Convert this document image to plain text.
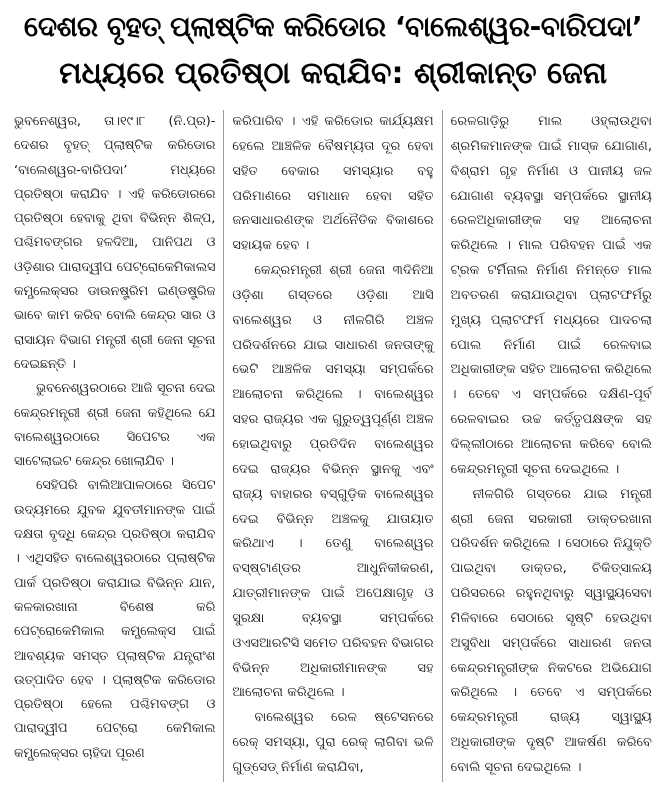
ଦେଶର ବୃହତ୍ ପ୍ଲାଷ୍ଟିକ କରିଡୋର ‘ବାଲେଶ୍ୱର-ବାରିପଦା’
ମଧ୍ୟରେ ପ୍ରତିଷ୍ଠା କରାଯିବ: ଶ୍ରୀକାନ୍ତ ଜେନା

ଭୁବନେଶ୍ୱର, ତା।୧୯।୮ (ନି.ପ୍ର)- ଦେଶର ବୃହତ୍ ପ୍ଲାଷ୍ଟିକ କରିଡୋର ‘ବାଲେଶ୍ୱର-ବାରିପଦା’ ମଧ୍ୟରେ ପ୍ରତିଷ୍ଠା କରାଯିବ । ଏହି କରିଡୋରରେ ପ୍ରତିଷ୍ଠା ହେବାକୁ ଥିବା ବିଭିନ୍ନ ଶିଳ୍ପ, ପଶ୍ଚିମବଙ୍ଗର ହଳଦିଆ, ପାନିପଥ ଓ ଓଡ଼ିଶାର ପାରାଦ୍ୱୀପ ପେଟ୍ରୋକେମିକାଲସ କମ୍ପ୍ଲେକ୍ସର ଡାଉନଷ୍ଟ୍ରିମ ଇଣ୍ଡଷ୍ଟ୍ରିଜ ଭାବେ କାମ କରିବ ବୋଲି କେନ୍ଦ୍ର ସାର ଓ ରାସାୟନ ବିଭାଗ ମନ୍ତ୍ରୀ ଶ୍ରୀ ଜେନା ସୂଚନା ଦେଇଛନ୍ତି ।

ଭୁବନେଶ୍ୱରଠାରେ ଆଜି ସୂଚନା ଦେଇ କେନ୍ଦ୍ରମନ୍ତ୍ରୀ ଶ୍ରୀ ଜେନା କହିଥିଲେ ଯେ ବାଲେଶ୍ୱରଠାରେ ସିପେଟର ଏକ ସାଟେଲାଇଟ କେନ୍ଦ୍ର ଖୋଲାଯିବ ।

ସେହିପରି ବାଲିଆପାଳଠାରେ ସିପେଟ ଉଦ୍ୟମରେ ଯୁବକ ଯୁବତୀମାନଙ୍କ ପାଇଁ ଦକ୍ଷତା ବୃଦ୍ଧି କେନ୍ଦ୍ର ପ୍ରତିଷ୍ଠା କରାଯିବ । ଏଥିସହିତ ବାଲେଶ୍ୱରଠାରେ ପ୍ଲାଷ୍ଟିକ ପାର୍କ ପ୍ରତିଷ୍ଠା କରାଯାଇ ବିଭିନ୍ନ ଯାନ, କଳକାରଖାନା ବିଶେଷ କରି ପେଟ୍ରୋକେମିକାଲ କମ୍ପ୍ଲେକ୍ସ ପାଇଁ ଆବଶ୍ୟକ ସମସ୍ତ ପ୍ଲାଷ୍ଟିକ ଯନ୍ତ୍ରାଂଶ ଉତ୍ପାଦିତ ହେବ । ପ୍ଲାଷ୍ଟିକ କରିଡୋର ପ୍ରତିଷ୍ଠା ହେଲେ ପଶ୍ଚିମବଙ୍ଗ ଓ ପାରାଦ୍ୱୀପ ପେଟ୍ରୋ କେମିକାଲ କମ୍ପ୍ଲେକ୍ସର ଚାହିଦା ପୂରଣ

କରିପାରିବ । ଏହି କରିଡୋର କାର୍ଯ୍ୟକ୍ଷମ ହେଲେ ଆଞ୍ଚଳିକ ବୈଷମ୍ୟତା ଦୂର ହେବା ସହିତ ବେକାର ସମସ୍ୟାର ବହୁ ପରିମାଣରେ ସମାଧାନ ହେବା ସହିତ ଜନସାଧାରଣଙ୍କ ଅର୍ଥନୈତିକ ବିକାଶରେ ସହାୟକ ହେବ ।

କେନ୍ଦ୍ରମନ୍ତ୍ରୀ ଶ୍ରୀ ଜେନା ୩ଦିନିଆ ଓଡ଼ିଶା ଗସ୍ତରେ ଓଡ଼ିଶା ଆସି ବାଲେଶ୍ୱର ଓ ନୀଳଗିରି ଅଞ୍ଚଳ ପରିଦର୍ଶନରେ ଯାଇ ସାଧାରଣ ଜନତାଙ୍କୁ ଭେଟି ଆଞ୍ଚଳିକ ସମସ୍ୟା ସମ୍ପର୍କରେ ଆଲୋଚନା କରିଥିଲେ । ବାଲେଶ୍ୱର ସହର ରାଜ୍ୟର ଏକ ଗୁରୁତ୍ୱପୂର୍ଣ୍ଣ ଅଞ୍ଚଳ ହୋଇଥିବାରୁ ପ୍ରତିଦିନ ବାଲେଶ୍ୱର ଦେଇ ରାଜ୍ୟର ବିଭିନ୍ନ ସ୍ଥାନକୁ ଏବଂ ରାଜ୍ୟ ବାହାରର ବସ୍‌ଗୁଡ଼ିକ ବାଲେଶ୍ୱର ଦେଇ ବିଭିନ୍ନ ଅଞ୍ଚଳକୁ ଯାତାୟାତ କରିଥାଏ । ତେଣୁ ବାଲେଶ୍ୱର ବସ୍‌ଷ୍ଟାଣ୍ଡର ଆଧୁନିକୀକରଣ, ଯାତ୍ରୀମାନଙ୍କ ପାଇଁ ଅପେକ୍ଷାଗୃହ ଓ ସୁରକ୍ଷା ବ୍ୟବସ୍ଥା ସମ୍ପର୍କରେ ଓଏସଆରଟିସି ସମେତ ପରିବହନ ବିଭାଗର ବିଭିନ୍ନ ଅଧିକାରୀମାନଙ୍କ ସହ ଆଲୋଚନା କରିଥିଲେ ।

ବାଲେଶ୍ୱର ରେଳ ଷ୍ଟେସନରେ ରେକ୍ ସମସ୍ୟା, ପୁରା ରେକ୍ ଲାଗିବା ଭଳି ଗୁଡ୍‌ସେଡ୍ ନିର୍ମାଣ କରାଯିବା,

ରେଳଗାଡ଼ିରୁ ମାଲ ଓହ୍ଲାଉଥିବା ଶ୍ରମିକମାନଙ୍କ ପାଇଁ ମାସ୍କ ଯୋଗାଣ, ବିଶ୍ରାମ ଗୃହ ନିର୍ମାଣ ଓ ପାନୀୟ ଜଳ ଯୋଗାଣ ବ୍ୟବସ୍ଥା ସମ୍ପର୍କରେ ସ୍ଥାନୀୟ ରେଳଅଧିକାରୀଙ୍କ ସହ ଆଲୋଚନା କରିଥିଲେ । ମାଲ ପରିବହନ ପାଇଁ ଏକ ଟ୍ରକ ଟର୍ମିନାଲ ନିର୍ମାଣ ନିମନ୍ତେ ମାଲ ଅବତରଣ କରାଯାଉଥିବା ପ୍ଲାଟଫର୍ମରୁ ମୁଖ୍ୟ ପ୍ଲାଟଫର୍ମ ମଧ୍ୟରେ ପାଦଚଲା ପୋଲ ନିର୍ମାଣ ପାଇଁ ରେଳବାଇ ଅଧିକାରୀଙ୍କ ସହିତ ଆଲୋଚନା କରିଥିଲେ । ତେବେ ଏ ସମ୍ପର୍କରେ ଦକ୍ଷିଣ-ପୂର୍ବ ରେଳବାଇର ଉଚ୍ଚ କର୍ତ୍ତୃପକ୍ଷଙ୍କ ସହ ଦିଲ୍ଲୀଠାରେ ଆଲୋଚନା କରିବେ ବୋଲି କେନ୍ଦ୍ରମନ୍ତ୍ରୀ ସୂଚନା ଦେଇଥିଲେ ।

ନୀଳଗିରି ଗସ୍ତରେ ଯାଇ ମନ୍ତ୍ରୀ ଶ୍ରୀ ଜେନା ସରକାରୀ ଡାକ୍ତରଖାନା ପରିଦର୍ଶନ କରିଥିଲେ । ସେଠାରେ ନିଯୁକ୍ତି ପାଇଥିବା ଡାକ୍ତର, ଚିକିତ୍ସାଳୟ ପରିସରରେ ରହୁନଥିବାରୁ ସ୍ୱାସ୍ଥ୍ୟସେବା ମିଳିବାରେ ସେଠାରେ ସୃଷ୍ଟି ହେଉଥିବା ଅସୁବିଧା ସମ୍ପର୍କରେ ସାଧାରଣ ଜନତା କେନ୍ଦ୍ରମନ୍ତ୍ରୀଙ୍କ ନିକଟରେ ଅଭିଯୋଗ କରିଥିଲେ । ତେବେ ଏ ସମ୍ପର୍କରେ କେନ୍ଦ୍ରମନ୍ତ୍ରୀ ରାଜ୍ୟ ସ୍ୱାସ୍ଥ୍ୟ ଅଧିକାରୀଙ୍କ ଦୃଷ୍ଟି ଆକର୍ଷଣ କରିବେ ବୋଲି ସୂଚନା ଦେଇଥିଲେ ।
